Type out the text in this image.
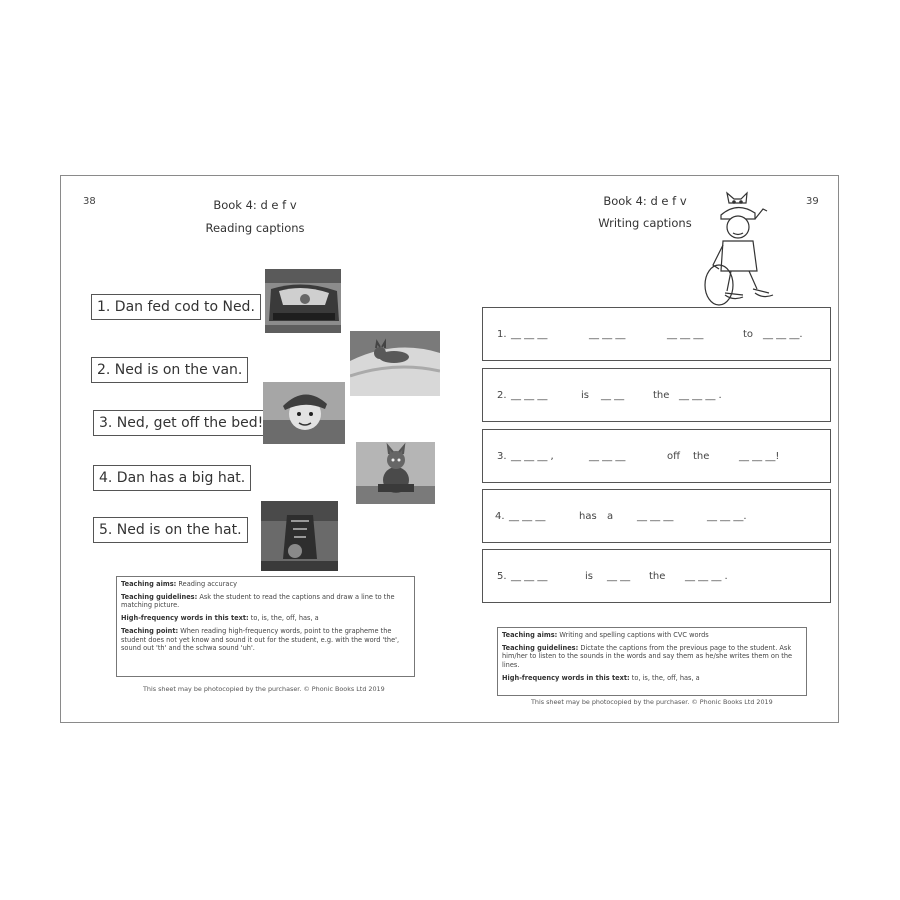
38	Book 4: d e f v
Reading captions
1. Dan fed cod to Ned.
2. Ned is on the van.
3. Ned, get off the bed!
4. Dan has a big hat.
5. Ned is on the hat.

Teaching aims: Reading accuracy

Teaching guidelines: Ask the student to read the captions and draw a line to the matching picture.

High-frequency words in this text: to, is, the, off, has, a

Teaching point: When reading high-frequency words, point to the grapheme the student does not yet know and sound it out for the student, e.g. with the word 'the', sound out 'th' and the schwa sound 'uh'.

This sheet may be photocopied by the purchaser. © Phonic Books Ltd 2019
Book 4: d e f v
Writing captions
39
1. __ __ __	__ __ __	__ __ __	to __ __ __.
2. __ __ __	is	__ __	the __ __ __ .
3. __ __ __ ,	__ __ __	off	the	__ __ __!
4. __ __ __	has	a	__ __ __	__ __ __.
5. __ __ __	is	__ __	the	__ __ __ .

Teaching aims: Writing and spelling captions with CVC words

Teaching guidelines: Dictate the captions from the previous page to the student. Ask him/her to listen to the sounds in the words and say them as he/she writes them on the lines.

High-frequency words in this text: to, is, the, off, has, a

This sheet may be photocopied by the purchaser. © Phonic Books Ltd 2019
